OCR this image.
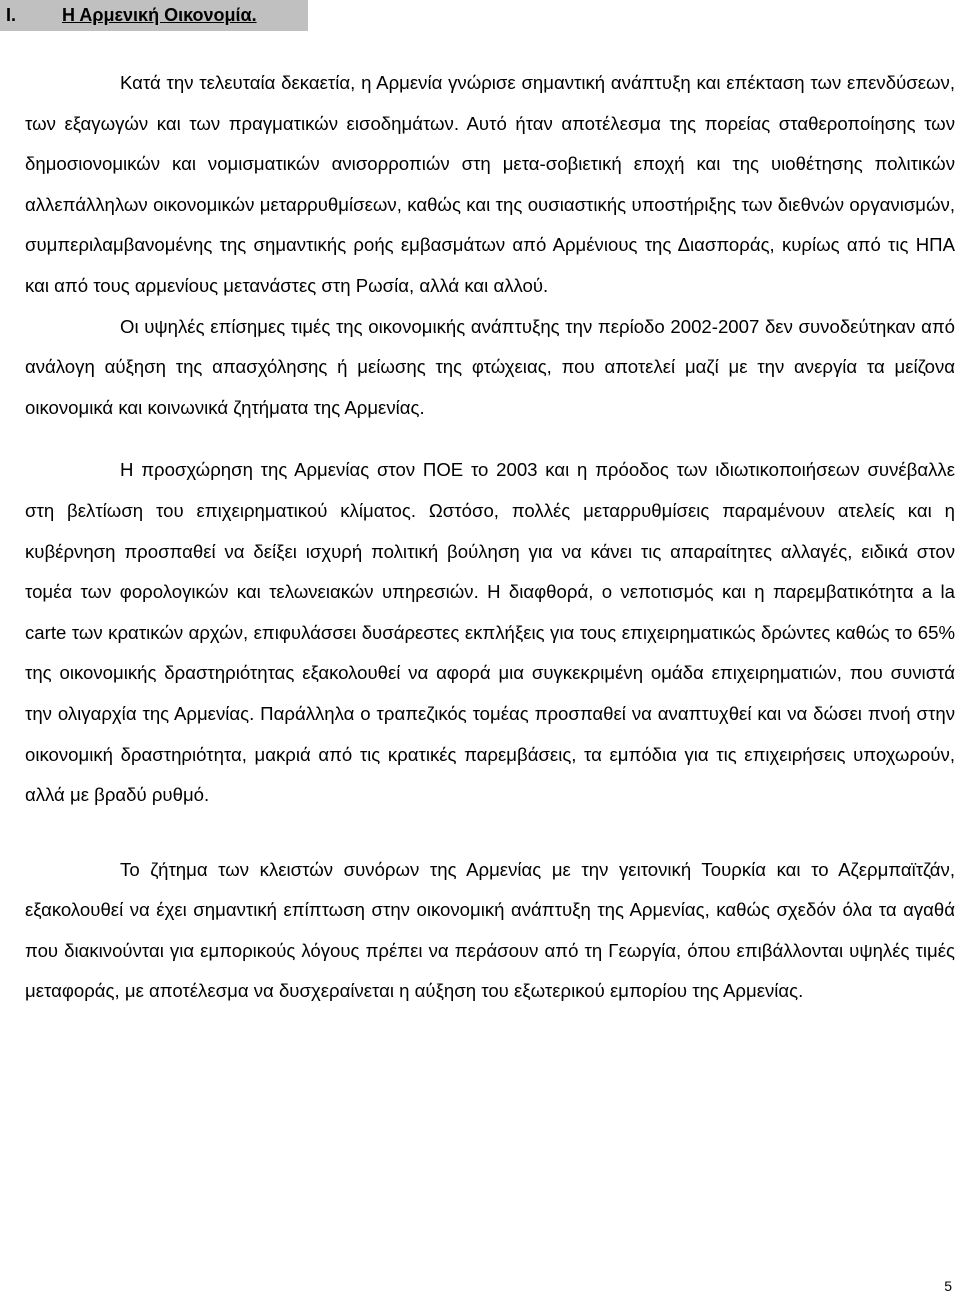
I.	Η Αρμενική Οικονομία.

Κατά την τελευταία δεκαετία, η Αρμενία γνώρισε σημαντική ανάπτυξη και επέκταση των επενδύσεων, των εξαγωγών και των πραγματικών εισοδημάτων. Αυτό ήταν αποτέλεσμα της πορείας σταθεροποίησης των δημοσιονομικών και νομισματικών ανισορροπιών στη μετα-σοβιετική εποχή και της υιοθέτησης πολιτικών αλλεπάλληλων οικονομικών μεταρρυθμίσεων, καθώς και της ουσιαστικής υποστήριξης των διεθνών οργανισμών, συμπεριλαμβανομένης της σημαντικής ροής εμβασμάτων από Αρμένιους της Διασποράς, κυρίως από τις ΗΠΑ και από τους αρμενίους μετανάστες στη Ρωσία, αλλά και αλλού.

Οι υψηλές επίσημες τιμές της οικονομικής ανάπτυξης την περίοδο 2002-2007 δεν συνοδεύτηκαν από ανάλογη αύξηση της απασχόλησης ή μείωσης της φτώχειας, που αποτελεί μαζί με την ανεργία τα μείζονα οικονομικά και κοινωνικά ζητήματα της Αρμενίας.

Η προσχώρηση της Αρμενίας στον ΠΟΕ το 2003 και η πρόοδος των ιδιωτικοποιήσεων συνέβαλλε στη βελτίωση του επιχειρηματικού κλίματος. Ωστόσο, πολλές μεταρρυθμίσεις παραμένουν ατελείς και η κυβέρνηση προσπαθεί να δείξει ισχυρή πολιτική βούληση για να κάνει τις απαραίτητες αλλαγές, ειδικά στον τομέα των φορολογικών και τελωνειακών υπηρεσιών. Η διαφθορά, ο νεποτισμός και η παρεμβατικότητα a la carte των κρατικών αρχών, επιφυλάσσει δυσάρεστες εκπλήξεις για τους επιχειρηματικώς δρώντες καθώς το 65% της οικονομικής δραστηριότητας εξακολουθεί να αφορά μια συγκεκριμένη ομάδα επιχειρηματιών, που συνιστά την ολιγαρχία της Αρμενίας. Παράλληλα ο τραπεζικός τομέας προσπαθεί να αναπτυχθεί και να δώσει πνοή στην οικονομική δραστηριότητα, μακριά από τις κρατικές παρεμβάσεις, τα εμπόδια για τις επιχειρήσεις υποχωρούν, αλλά με βραδύ ρυθμό.

Το ζήτημα των κλειστών συνόρων της Αρμενίας με την γειτονική Τουρκία και το Αζερμπαϊτζάν, εξακολουθεί να έχει σημαντική επίπτωση στην οικονομική ανάπτυξη της Αρμενίας, καθώς σχεδόν όλα τα αγαθά που διακινούνται για εμπορικούς λόγους πρέπει να περάσουν από τη Γεωργία, όπου επιβάλλονται υψηλές τιμές μεταφοράς, με αποτέλεσμα να δυσχεραίνεται η αύξηση του εξωτερικού εμπορίου της Αρμενίας.

5
